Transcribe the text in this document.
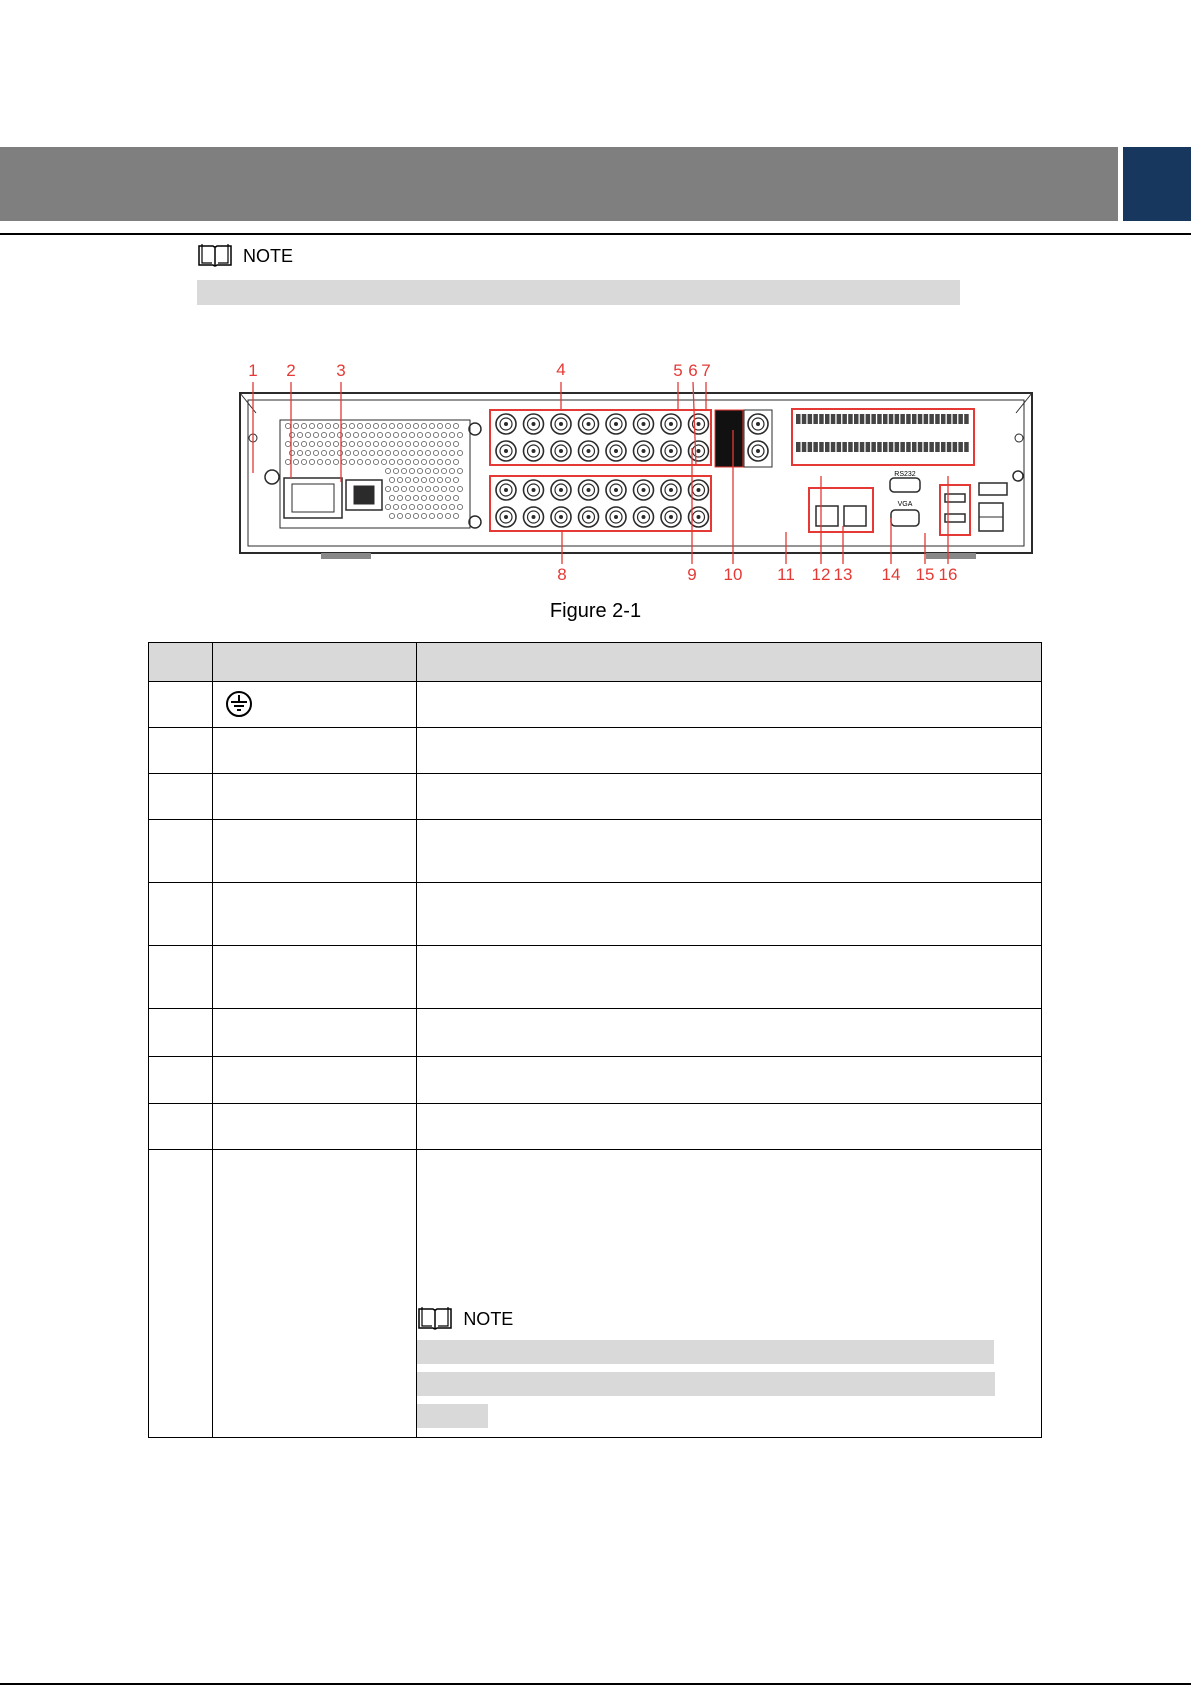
NOTE
1 2 3	4	5 6 7
8	9 10 11 12 13 14 15 16
RS232
VGA
Figure 2-1

		NOTE
